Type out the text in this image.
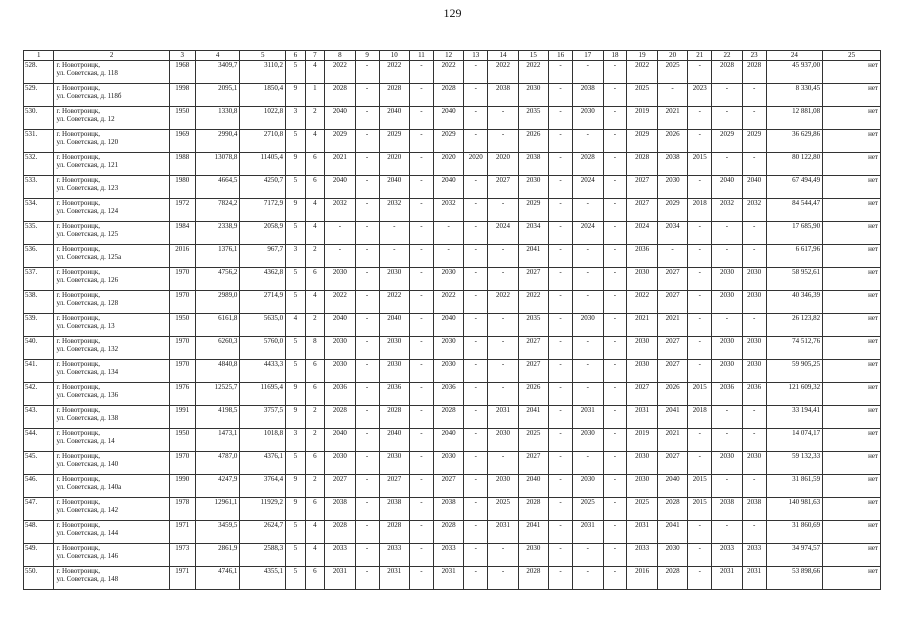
129
1	2	3	4	5	6	7	8	9	10	11	12	13	14	15	16	17	18	19	20	21	22	23	24	25
528.	г. Новотроицк,
ул. Советская, д. 118	1968	3409,7	3110,2	5	4	2022	-	2022	-	2022	-	2022	2022	-	-	-	2022	2025	-	2028	2028	45 937,00	нет
529.	г. Новотроицк,
ул. Советская, д. 118б	1998	2095,1	1850,4	9	1	2028	-	2028	-	2028	-	2038	2030	-	2038	-	2025	-	2023	-	-	8 330,45	нет
530.	г. Новотроицк,
ул. Советская, д. 12	1950	1330,8	1022,8	3	2	2040	-	2040	-	2040	-	-	2035	-	2030	-	2019	2021	-	-	-	12 881,08	нет
531.	г. Новотроицк,
ул. Советская, д. 120	1969	2990,4	2710,8	5	4	2029	-	2029	-	2029	-	-	2026	-	-	-	2029	2026	-	2029	2029	36 629,86	нет
532.	г. Новотроицк,
ул. Советская, д. 121	1988	13078,8	11405,4	9	6	2021	-	2020	-	2020	2020	2020	2038	-	2028	-	2028	2038	2015	-	-	80 122,80	нет
533.	г. Новотроицк,
ул. Советская, д. 123	1980	4664,5	4250,7	5	6	2040	-	2040	-	2040	-	2027	2030	-	2024	-	2027	2030	-	2040	2040	67 494,49	нет
534.	г. Новотроицк,
ул. Советская, д. 124	1972	7824,2	7172,9	9	4	2032	-	2032	-	2032	-	-	2029	-	-	-	2027	2029	2018	2032	2032	84 544,47	нет
535.	г. Новотроицк,
ул. Советская, д. 125	1984	2338,9	2058,9	5	4	-	-	-	-	-	-	2024	2034	-	2024	-	2024	2034	-	-	-	17 685,90	нет
536.	г. Новотроицк,
ул. Советская, д. 125а	2016	1376,1	967,7	3	2	-	-	-	-	-	-	-	2041	-	-	-	2036	-	-	-	-	6 617,96	нет
537.	г. Новотроицк,
ул. Советская, д. 126	1970	4756,2	4362,8	5	6	2030	-	2030	-	2030	-	-	2027	-	-	-	2030	2027	-	2030	2030	58 952,61	нет
538.	г. Новотроицк,
ул. Советская, д. 128	1970	2989,0	2714,9	5	4	2022	-	2022	-	2022	-	2022	2022	-	-	-	2022	2027	-	2030	2030	40 346,39	нет
539.	г. Новотроицк,
ул. Советская, д. 13	1950	6161,8	5635,0	4	2	2040	-	2040	-	2040	-	-	2035	-	2030	-	2021	2021	-	-	-	26 123,82	нет
540.	г. Новотроицк,
ул. Советская, д. 132	1970	6260,3	5760,0	5	8	2030	-	2030	-	2030	-	-	2027	-	-	-	2030	2027	-	2030	2030	74 512,76	нет
541.	г. Новотроицк,
ул. Советская, д. 134	1970	4840,8	4433,3	5	6	2030	-	2030	-	2030	-	-	2027	-	-	-	2030	2027	-	2030	2030	59 905,25	нет
542.	г. Новотроицк,
ул. Советская, д. 136	1976	12525,7	11695,4	9	6	2036	-	2036	-	2036	-	-	2026	-	-	-	2027	2026	2015	2036	2036	121 609,32	нет
543.	г. Новотроицк,
ул. Советская, д. 138	1991	4198,5	3757,5	9	2	2028	-	2028	-	2028	-	2031	2041	-	2031	-	2031	2041	2018	-	-	33 194,41	нет
544.	г. Новотроицк,
ул. Советская, д. 14	1950	1473,1	1018,8	3	2	2040	-	2040	-	2040	-	2030	2025	-	2030	-	2019	2021	-	-	-	14 074,17	нет
545.	г. Новотроицк,
ул. Советская, д. 140	1970	4787,0	4376,1	5	6	2030	-	2030	-	2030	-	-	2027	-	-	-	2030	2027	-	2030	2030	59 132,33	нет
546.	г. Новотроицк,
ул. Советская, д. 140а	1990	4247,9	3764,4	9	2	2027	-	2027	-	2027	-	2030	2040	-	2030	-	2030	2040	2015	-	-	31 861,59	нет
547.	г. Новотроицк,
ул. Советская, д. 142	1978	12961,1	11929,2	9	6	2038	-	2038	-	2038	-	2025	2028	-	2025	-	2025	2028	2015	2038	2038	140 981,63	нет
548.	г. Новотроицк,
ул. Советская, д. 144	1971	3459,5	2624,7	5	4	2028	-	2028	-	2028	-	2031	2041	-	2031	-	2031	2041	-	-	-	31 860,69	нет
549.	г. Новотроицк,
ул. Советская, д. 146	1973	2861,9	2588,3	5	4	2033	-	2033	-	2033	-	-	2030	-	-	-	2033	2030	-	2033	2033	34 974,57	нет
550.	г. Новотроицк,
ул. Советская, д. 148	1971	4746,1	4355,1	5	6	2031	-	2031	-	2031	-	-	2028	-	-	-	2016	2028	-	2031	2031	53 898,66	нет
